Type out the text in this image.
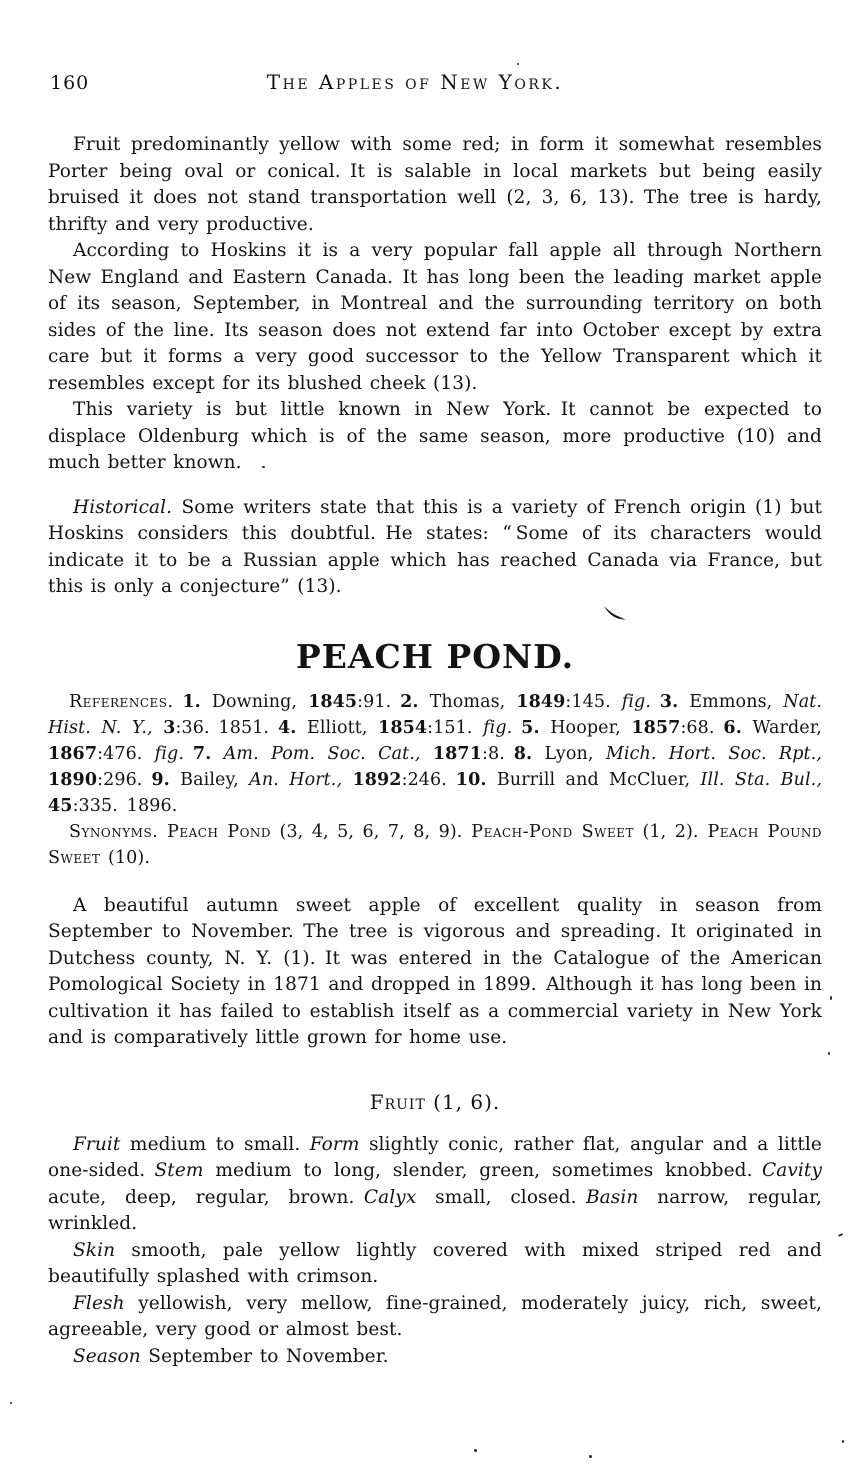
160	The Apples of New York.

Fruit predominantly yellow with some red; in form it somewhat resembles Porter being oval or conical. It is salable in local markets but being easily bruised it does not stand transportation well (2, 3, 6, 13). The tree is hardy, thrifty and very productive.

According to Hoskins it is a very popular fall apple all through Northern New England and Eastern Canada. It has long been the leading market apple of its season, September, in Montreal and the surrounding territory on both sides of the line. Its season does not extend far into October except by extra care but it forms a very good successor to the Yellow Transparent which it resembles except for its blushed cheek (13).

This variety is but little known in New York. It cannot be expected to displace Oldenburg which is of the same season, more productive (10) and much better known.

Historical. Some writers state that this is a variety of French origin (1) but Hoskins considers this doubtful. He states: “ Some of its characters would indicate it to be a Russian apple which has reached Canada via France, but this is only a conjecture” (13).

PEACH POND.

References.  1. Downing, 1845:91. 2. Thomas, 1849:145. fig.  3. Emmons, Nat. Hist. N. Y., 3:36. 1851. 4. Elliott, 1854:151. fig.  5. Hooper, 1857:68. 6. Warder, 1867:476. fig.  7. Am. Pom. Soc. Cat., 1871:8. 8. Lyon, Mich. Hort. Soc. Rpt., 1890:296. 9. Bailey, An. Hort., 1892:246. 10. Burrill and McCluer, Ill. Sta. Bul., 45:335. 1896.

Synonyms.  Peach Pond (3, 4, 5, 6, 7, 8, 9). Peach-Pond Sweet (1, 2). Peach Pound Sweet (10).

A beautiful autumn sweet apple of excellent quality in season from September to November. The tree is vigorous and spreading. It originated in Dutchess county, N. Y. (1). It was entered in the Catalogue of the American Pomological Society in 1871 and dropped in 1899. Although it has long been in cultivation it has failed to establish itself as a commercial variety in New York and is comparatively little grown for home use.

Fruit (1, 6).

Fruit medium to small. Form slightly conic, rather flat, angular and a little one-sided. Stem medium to long, slender, green, sometimes knobbed. Cavity acute, deep, regular, brown. Calyx small, closed. Basin narrow, regular, wrinkled.

Skin smooth, pale yellow lightly covered with mixed striped red and beautifully splashed with crimson.

Flesh yellowish, very mellow, fine-grained, moderately juicy, rich, sweet, agreeable, very good or almost best.

Season September to November.
